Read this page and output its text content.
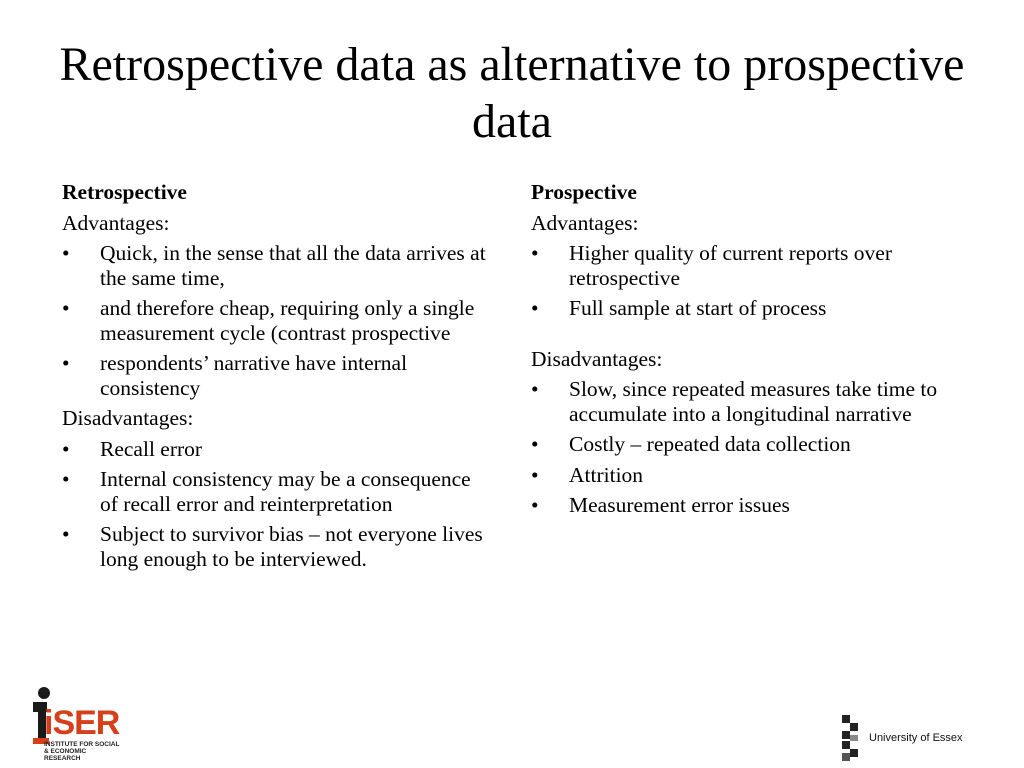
Retrospective data as alternative to prospective data
Retrospective
Advantages:
• Quick, in the sense that all the data arrives at the same time,
• and therefore cheap, requiring only a single measurement cycle (contrast prospective
• respondents’ narrative have internal consistency
Disadvantages:
• Recall error
• Internal consistency may be a consequence of recall error and reinterpretation
• Subject to survivor bias – not everyone lives long enough to be interviewed.
Prospective
Advantages:
• Higher quality of current reports over retrospective
• Full sample at start of process
Disadvantages:
• Slow, since repeated measures take time to accumulate into a longitudinal narrative
• Costly – repeated data collection
• Attrition
• Measurement error issues
iSER
INSTITUTE FOR SOCIAL
& ECONOMIC RESEARCH
University of Essex
